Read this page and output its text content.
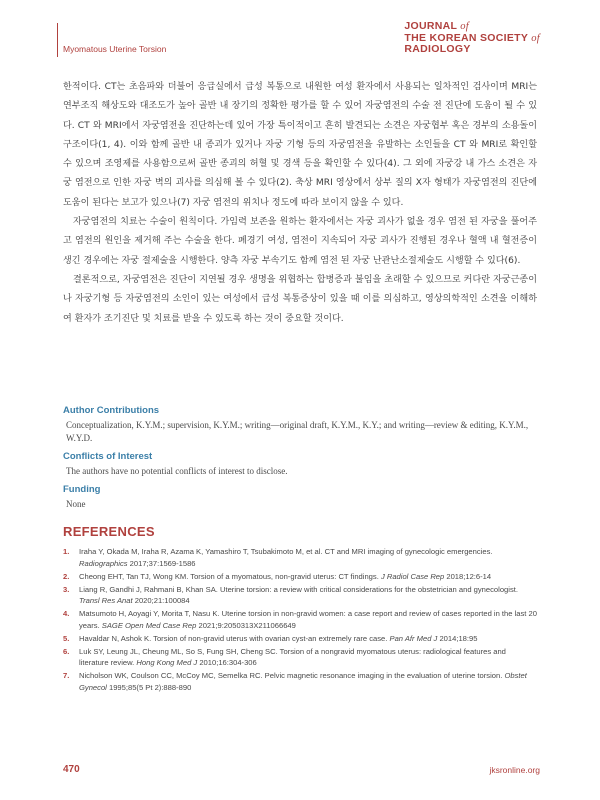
Myomatous Uterine Torsion
JOURNAL of
THE KOREAN SOCIETY of
RADIOLOGY

한적이다. CT는 초음파와 더불어 응급실에서 급성 복통으로 내원한 여성 환자에서 사용되는 일차적인 검사이며 MRI는 연부조직 해상도와 대조도가 높아 골반 내 장기의 정확한 평가를 할 수 있어 자궁염전의 수술 전 진단에 도움이 될 수 있다. CT 와 MRI에서 자궁염전을 진단하는데 있어 가장 특이적이고 흔히 발견되는 소견은 자궁협부 혹은 경부의 소용돌이 구조이다(1, 4). 이와 함께 골반 내 종괴가 있거나 자궁 기형 등의 자궁염전을 유발하는 소인들을 CT 와 MRI로 확인할 수 있으며 조영제를 사용함으로써 골반 종괴의 허혈 및 경색 등을 확인할 수 있다(4). 그 외에 자궁강 내 가스 소견은 자궁 염전으로 인한 자궁 벽의 괴사를 의심해 볼 수 있다(2). 축상 MRI 영상에서 상부 질의 X자 형태가 자궁염전의 진단에 도움이 된다는 보고가 있으나(7) 자궁 염전의 위치나 정도에 따라 보이지 않을 수 있다.

자궁염전의 치료는 수술이 원칙이다. 가임력 보존을 원하는 환자에서는 자궁 괴사가 없을 경우 염전 된 자궁을 풀어주고 염전의 원인을 제거해 주는 수술을 한다. 폐경기 여성, 염전이 지속되어 자궁 괴사가 진행된 경우나 혈액 내 혈전증이 생긴 경우에는 자궁 절제술을 시행한다. 양측 자궁 부속기도 함께 염전 된 자궁 난관난소절제술도 시행할 수 있다(6).

결론적으로, 자궁염전은 진단이 지연될 경우 생명을 위협하는 합병증과 불임을 초래할 수 있으므로 커다란 자궁근종이나 자궁기형 등 자궁염전의 소인이 있는 여성에서 급성 복통증상이 있을 때 이를 의심하고, 영상의학적인 소견을 이해하여 환자가 조기진단 및 치료를 받을 수 있도록 하는 것이 중요할 것이다.

Author Contributions
Conceptualization, K.Y.M.; supervision, K.Y.M.; writing—original draft, K.Y.M., K.Y.; and writing—review & editing, K.Y.M., W.Y.D.
Conflicts of Interest
The authors have no potential conflicts of interest to disclose.
Funding
None
REFERENCES
1. Iraha Y, Okada M, Iraha R, Azama K, Yamashiro T, Tsubakimoto M, et al. CT and MRI imaging of gynecologic emergencies. Radiographics 2017;37:1569-1586
2. Cheong EHT, Tan TJ, Wong KM. Torsion of a myomatous, non-gravid uterus: CT findings. J Radiol Case Rep 2018;12:6-14
3. Liang R, Gandhi J, Rahmani B, Khan SA. Uterine torsion: a review with critical considerations for the obstetrician and gynecologist. Transl Res Anat 2020;21:100084
4. Matsumoto H, Aoyagi Y, Morita T, Nasu K. Uterine torsion in non-gravid women: a case report and review of cases reported in the last 20 years. SAGE Open Med Case Rep 2021;9:2050313X211066649
5. Havaldar N, Ashok K. Torsion of non-gravid uterus with ovarian cyst-an extremely rare case. Pan Afr Med J 2014;18:95
6. Luk SY, Leung JL, Cheung ML, So S, Fung SH, Cheng SC. Torsion of a nongravid myomatous uterus: radiological features and literature review. Hong Kong Med J 2010;16:304-306
7. Nicholson WK, Coulson CC, McCoy MC, Semelka RC. Pelvic magnetic resonance imaging in the evaluation of uterine torsion. Obstet Gynecol 1995;85(5 Pt 2):888-890
470	jksronline.org
